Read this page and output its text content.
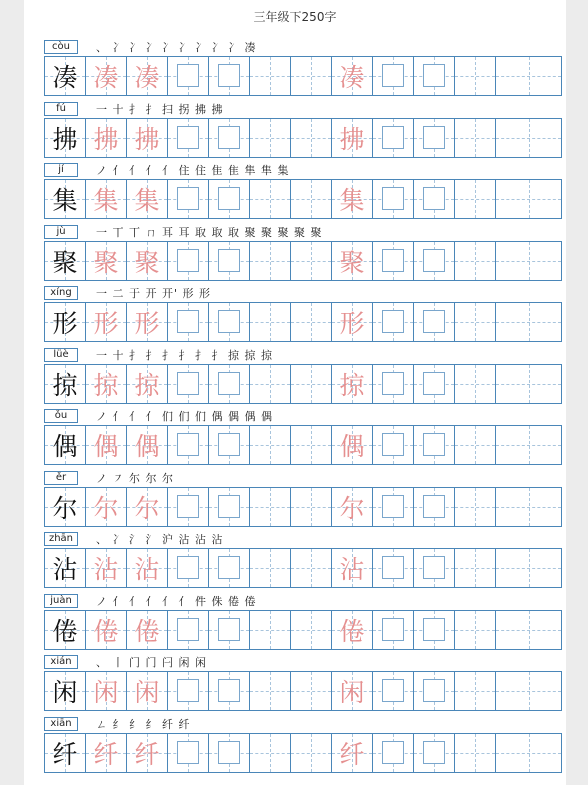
三年级下250字
còu	、 冫 冫 冫 冫 冫 冫 冫 冫 凑
凑 凑 凑	凑
fú	一 十 扌 扌 扫 拐 拂 拂
拂 拂 拂	拂
jí	ノ 亻 亻 亻 亻 住 住 隹 隹 隼 隼 集
集 集 集	集
jù	一 丅 丅 ㄇ 耳 耳 取 取 取 聚 聚 聚 聚 聚
聚 聚 聚	聚
xíng	一 二 于 开 开' 形 形
形 形 形	形
lüè	一 十 扌 扌 扌 扌 扌 扌 掠 掠 掠
掠 掠 掠	掠
ǒu	ノ 亻 亻 亻 们 们 们 偶 偶 偶 偶
偶 偶 偶	偶
ěr	ノ ㇇ 尓 尔 尔
尔 尔 尔	尔
zhān	、 冫 氵 氵 沪 沾 沾 沾
沾 沾 沾	沾
juàn	ノ 亻 亻 亻 亻 亻 件 侏 倦 倦
倦 倦 倦	倦
xián	、 丨 门 门 闩 闲 闲
闲 闲 闲	闲
xiān	ㄥ 纟 纟 纟 纤 纤
纤 纤 纤	纤
